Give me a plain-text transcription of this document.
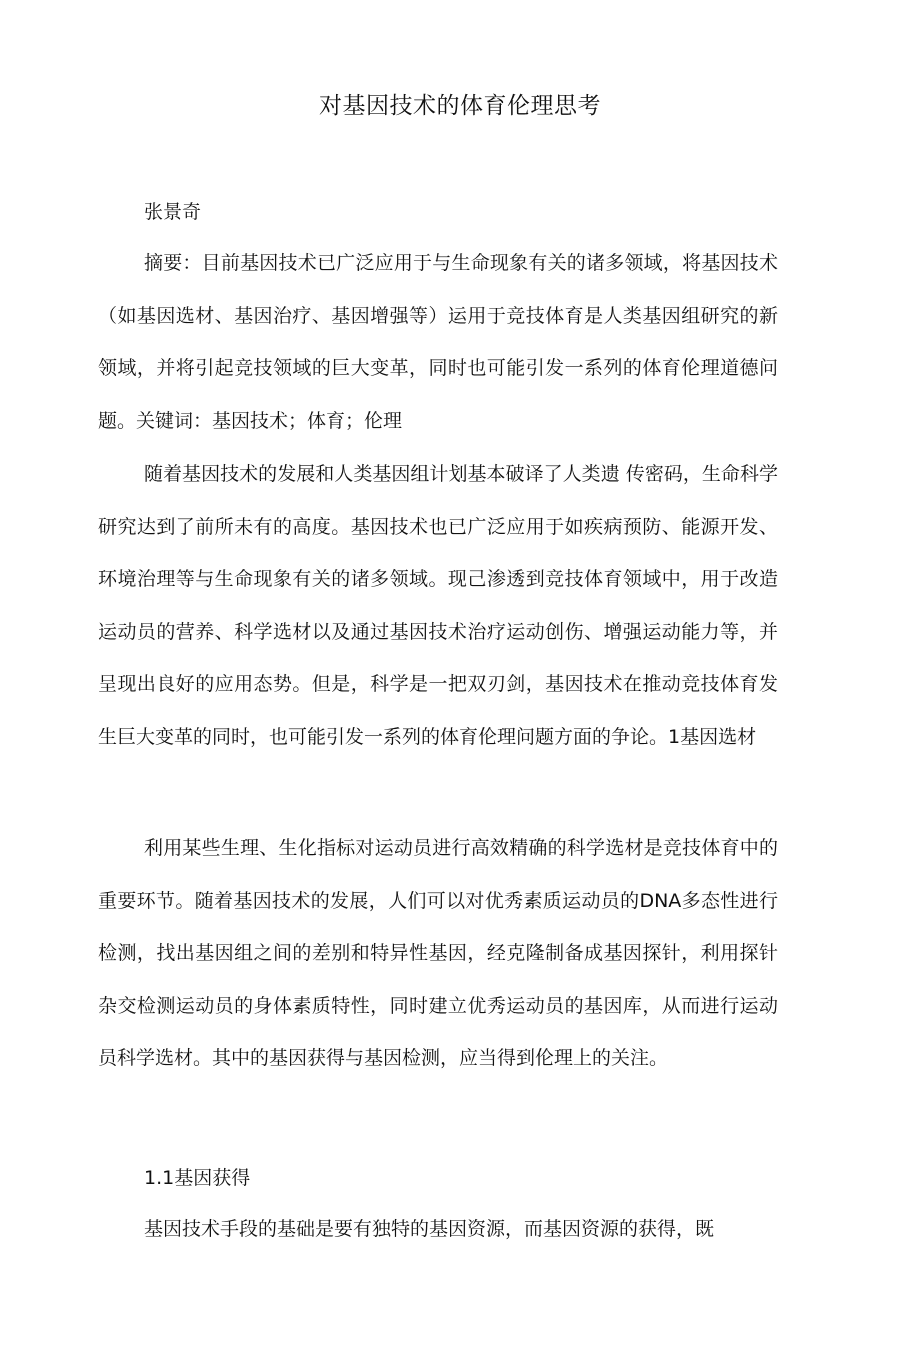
对基因技术的体育伦理思考
张景奇
摘要：目前基因技术已广泛应用于与生命现象有关的诸多领域，将基因技术（如基因选材、基因治疗、基因增强等）运用于竞技体育是人类基因组研究的新领域，并将引起竞技领域的巨大变革，同时也可能引发一系列的体育伦理道德问题。关键词：基因技术；体育；伦理
随着基因技术的发展和人类基因组计划基本破译了人类遗 传密码，生命科学研究达到了前所未有的高度。基因技术也已广泛应用于如疾病预防、能源开发、环境治理等与生命现象有关的诸多领域。现己渗透到竞技体育领域中，用于改造运动员的营养、科学选材以及通过基因技术治疗运动创伤、增强运动能力等，并呈现出良好的应用态势。但是，科学是一把双刃剑，基因技术在推动竞技体育发生巨大变革的同时，也可能引发一系列的体育伦理问题方面的争论。1基因选材
利用某些生理、生化指标对运动员进行高效精确的科学选材是竞技体育中的重要环节。随着基因技术的发展，人们可以对优秀素质运动员的DNA多态性进行检测，找出基因组之间的差别和特异性基因，经克隆制备成基因探针，利用探针杂交检测运动员的身体素质特性，同时建立优秀运动员的基因库，从而进行运动员科学选材。其中的基因获得与基因检测，应当得到伦理上的关注。
1.1基因获得
基因技术手段的基础是要有独特的基因资源，而基因资源的获得，既
